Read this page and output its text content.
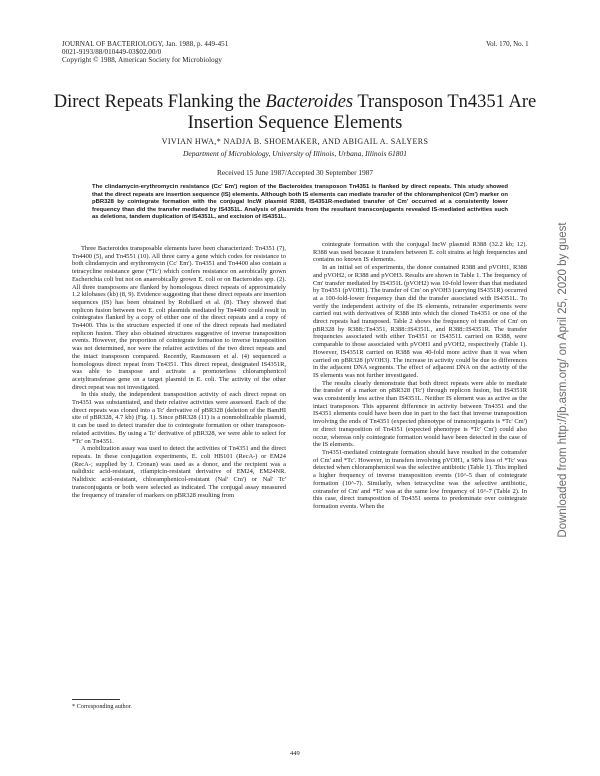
JOURNAL OF BACTERIOLOGY, Jan. 1988, p. 449-451
0021-9193/88/010449-03$02.00/0
Copyright © 1988, American Society for Microbiology
Vol. 170, No. 1
Direct Repeats Flanking the Bacteroides Transposon Tn4351 Are
Insertion Sequence Elements
VIVIAN HWA,* NADJA B. SHOEMAKER, AND ABIGAIL A. SALYERS
Department of Microbiology, University of Illinois, Urbana, Illinois 61801
Received 15 June 1987/Accepted 30 September 1987
The clindamycin-erythromycin resistance (Cc' Em') region of the Bacteroides transposon Tn4351 is flanked by direct repeats. This study showed that the direct repeats are insertion sequence (IS) elements. Although both IS elements can mediate transfer of the chloramphenicol (Cm') marker on pBR328 by cointegrate formation with the conjugal IncW plasmid R388, IS4351R-mediated transfer of Cm' occurred at a consistently lower frequency than did the transfer mediated by IS4351L. Analysis of plasmids from the resultant transconjugants revealed IS-mediated activities such as deletions, tandem duplication of IS4351L, and excision of IS4351L.

Three Bacteroides transposable elements have been characterized: Tn4351 (7), Tn4400 (5), and Tn4551 (10). All three carry a gene which codes for resistance to both clindamycin and erythromycin (Cc' Em'). Tn4351 and Tn4400 also contain a tetracycline resistance gene (*Tc') which confers resistance on aerobically grown Escherichia coli but not on anaerobically grown E. coli or on Bacteroides spp. (2). All three transposons are flanked by homologous direct repeats of approximately 1.2 kilobases (kb) (8, 9). Evidence suggesting that these direct repeats are insertion sequences (IS) has been obtained by Robillard et al. (8). They showed that replicon fusion between two E. coli plasmids mediated by Tn4400 could result in cointegrates flanked by a copy of either one of the direct repeats and a copy of Tn4400. This is the structure expected if one of the direct repeats had mediated replicon fusion. They also obtained structures suggestive of inverse transposition events. However, the proportion of cointegrate formation to inverse transposition was not determined, nor were the relative activities of the two direct repeats and the intact transposon compared. Recently, Rasmussen et al. (4) sequenced a homologous direct repeat from Tn4351. This direct repeat, designated IS4351R, was able to transpose and activate a promoterless chloramphenicol acetyltransferase gene on a target plasmid in E. coli. The activity of the other direct repeat was not investigated.

In this study, the independent transposition activity of each direct repeat on Tn4351 was substantiated, and their relative activities were assessed. Each of the direct repeats was cloned into a Tc' derivative of pBR328 (deletion of the BamHI site of pBR328, 4.7 kb) (Fig. 1). Since pBR328 (11) is a nonmobilizable plasmid, it can be used to detect transfer due to cointegrate formation or other transposon-related activities. By using a Tc' derivative of pBR328, we were able to select for *Tc' on Tn4351.

A mobilization assay was used to detect the activities of Tn4351 and the direct repeats. In these conjugation experiments, E. coli HB101 (RecA-) or EM24 (RecA-; supplied by J. Cronan) was used as a donor, and the recipient was a nalidixic acid-resistant, rifampicin-resistant derivative of EM24, EM24NR. Nalidixic acid-resistant, chloramphenicol-resistant (Nal' Cm') or Nal' Tc' transconjugants or both were selected as indicated. The conjugal assay measured the frequency of transfer of markers on pBR328 resulting from

cointegrate formation with the conjugal IncW plasmid R388 (32.2 kb; 12). R388 was used because it transfers between E. coli strains at high frequencies and contains no known IS elements.

In an initial set of experiments, the donor contained R388 and pVOH1, R388 and pVOH2, or R388 and pVOH3. Results are shown in Table 1. The frequency of Cm' transfer mediated by IS4351L (pVOH2) was 10-fold lower than that mediated by Tn4351 (pVOH1). The transfer of Cm' on pVOH3 (carrying IS4351R) occurred at a 100-fold-lower frequency than did the transfer associated with IS4351L. To verify the independent activity of the IS elements, retransfer experiments were carried out with derivatives of R388 into which the cloned Tn4351 or one of the direct repeats had transposed. Table 2 shows the frequency of transfer of Cm' on pBR328 by R388::Tn4351, R388::IS4351L, and R388::IS4351R. The transfer frequencies associated with either Tn4351 or IS4351L carried on R388, were comparable to those associated with pVOH1 and pVOH2, respectively (Table 1). However, IS4351R carried on R388 was 40-fold more active than it was when carried on pBR328 (pVOH3). The increase in activity could be due to differences in the adjacent DNA segments. The effect of adjacent DNA on the activity of the IS elements was not further investigated.

The results clearly demonstrate that both direct repeats were able to mediate the transfer of a marker on pBR328 (Tc') through replicon fusion, but IS4351R was consistently less active than IS4351L. Neither IS element was as active as the intact transposon. This apparent difference in activity between Tn4351 and the IS4351 elements could have been due in part to the fact that inverse transposition involving the ends of Tn4351 (expected phenotype of transconjugants is *Tc' Cm') or direct transposition of Tn4351 (expected phenotype is *Tc' Cm') could also occur, whereas only cointegrate formation would have been detected in the case of the IS elements.

Tn4351-mediated cointegrate formation should have resulted in the cotransfer of Cm' and *Tc'. However, in transfers involving pVOH1, a 98% loss of *Tc' was detected when chloramphenicol was the selective antibiotic (Table 1). This implied a higher frequency of inverse transposition events (10^-5 than of cointegrate formation (10^-7). Similarly, when tetracycline was the selective antibiotic, cotransfer of Cm' and *Tc' was at the same low frequency of 10^-7 (Table 2). In this case, direct transposition of Tn4351 seems to predominate over cointegrate formation events. When the

* Corresponding author.
449
Downloaded from http://jb.asm.org/ on April 25, 2020 by guest
